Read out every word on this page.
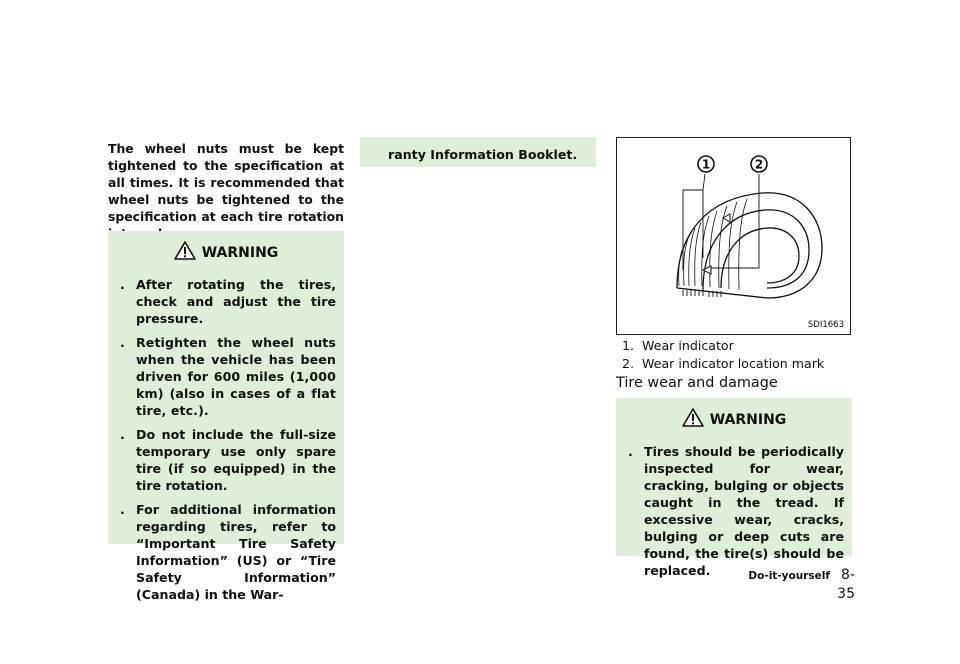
The wheel nuts must be kept tightened to the specification at all times. It is recommended that wheel nuts be tightened to the specification at each tire rotation

WARNING
. After rotating the tires, check and adjust the tire pressure.
. Retighten the wheel nuts when the vehicle has been driven for 600 miles (1,000 km) (also in cases of a flat tire, etc.).
. Do not include the full-size temporary use only spare tire (if so equipped) in the tire rotation.
. For additional information regarding tires, refer to “Important Tire Safety Information” (US) or “Tire Safety Information” (Canada) in the War-
ranty Information Booklet.
1	2
SDI1663
1. Wear indicator
2. Wear indicator location mark
Tire wear and damage
WARNING
. Tires should be periodically inspected for wear, cracking, bulging or objects caught in the tread. If excessive wear, cracks, bulging or deep cuts are found, the tire(s) should be replaced.	Do-it-yourself 8-35
